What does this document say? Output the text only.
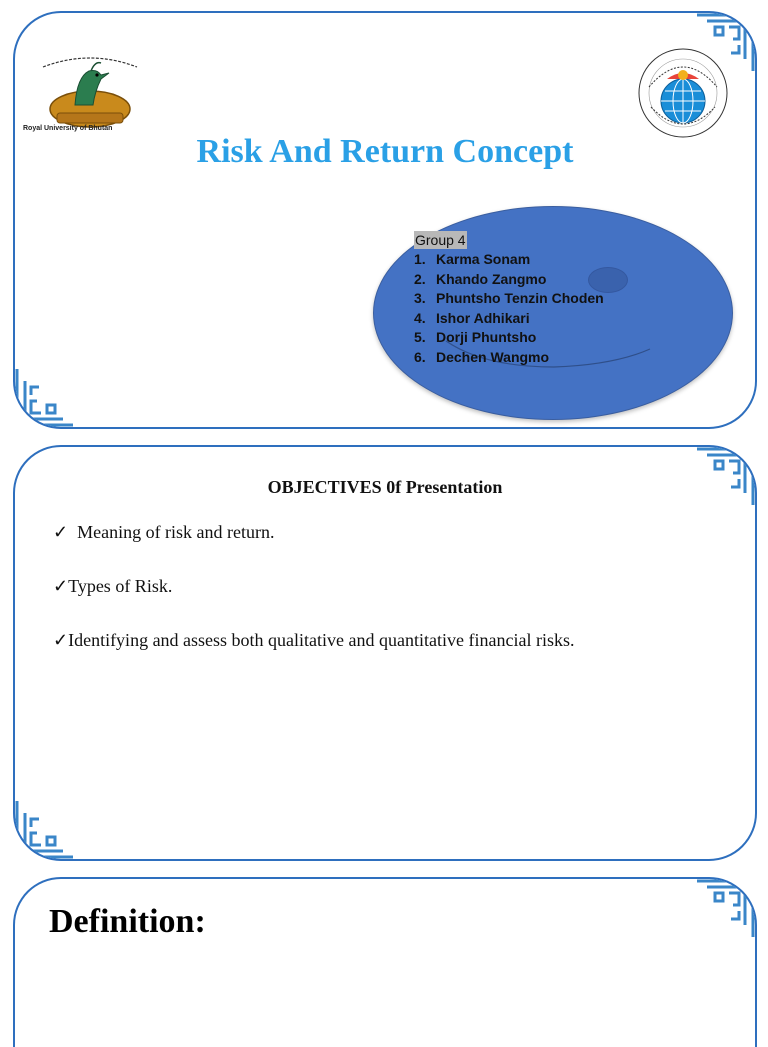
Royal University of Bhutan
Risk And Return Concept
Group 4
1. Karma Sonam
2. Khando Zangmo
3. Phuntsho Tenzin Choden
4. Ishor Adhikari
5. Dorji Phuntsho
6. Dechen Wangmo
OBJECTIVES 0f Presentation
✓  Meaning of risk and return.
✓Types of Risk.
✓Identifying and assess both qualitative and quantitative financial risks.
Definition:
